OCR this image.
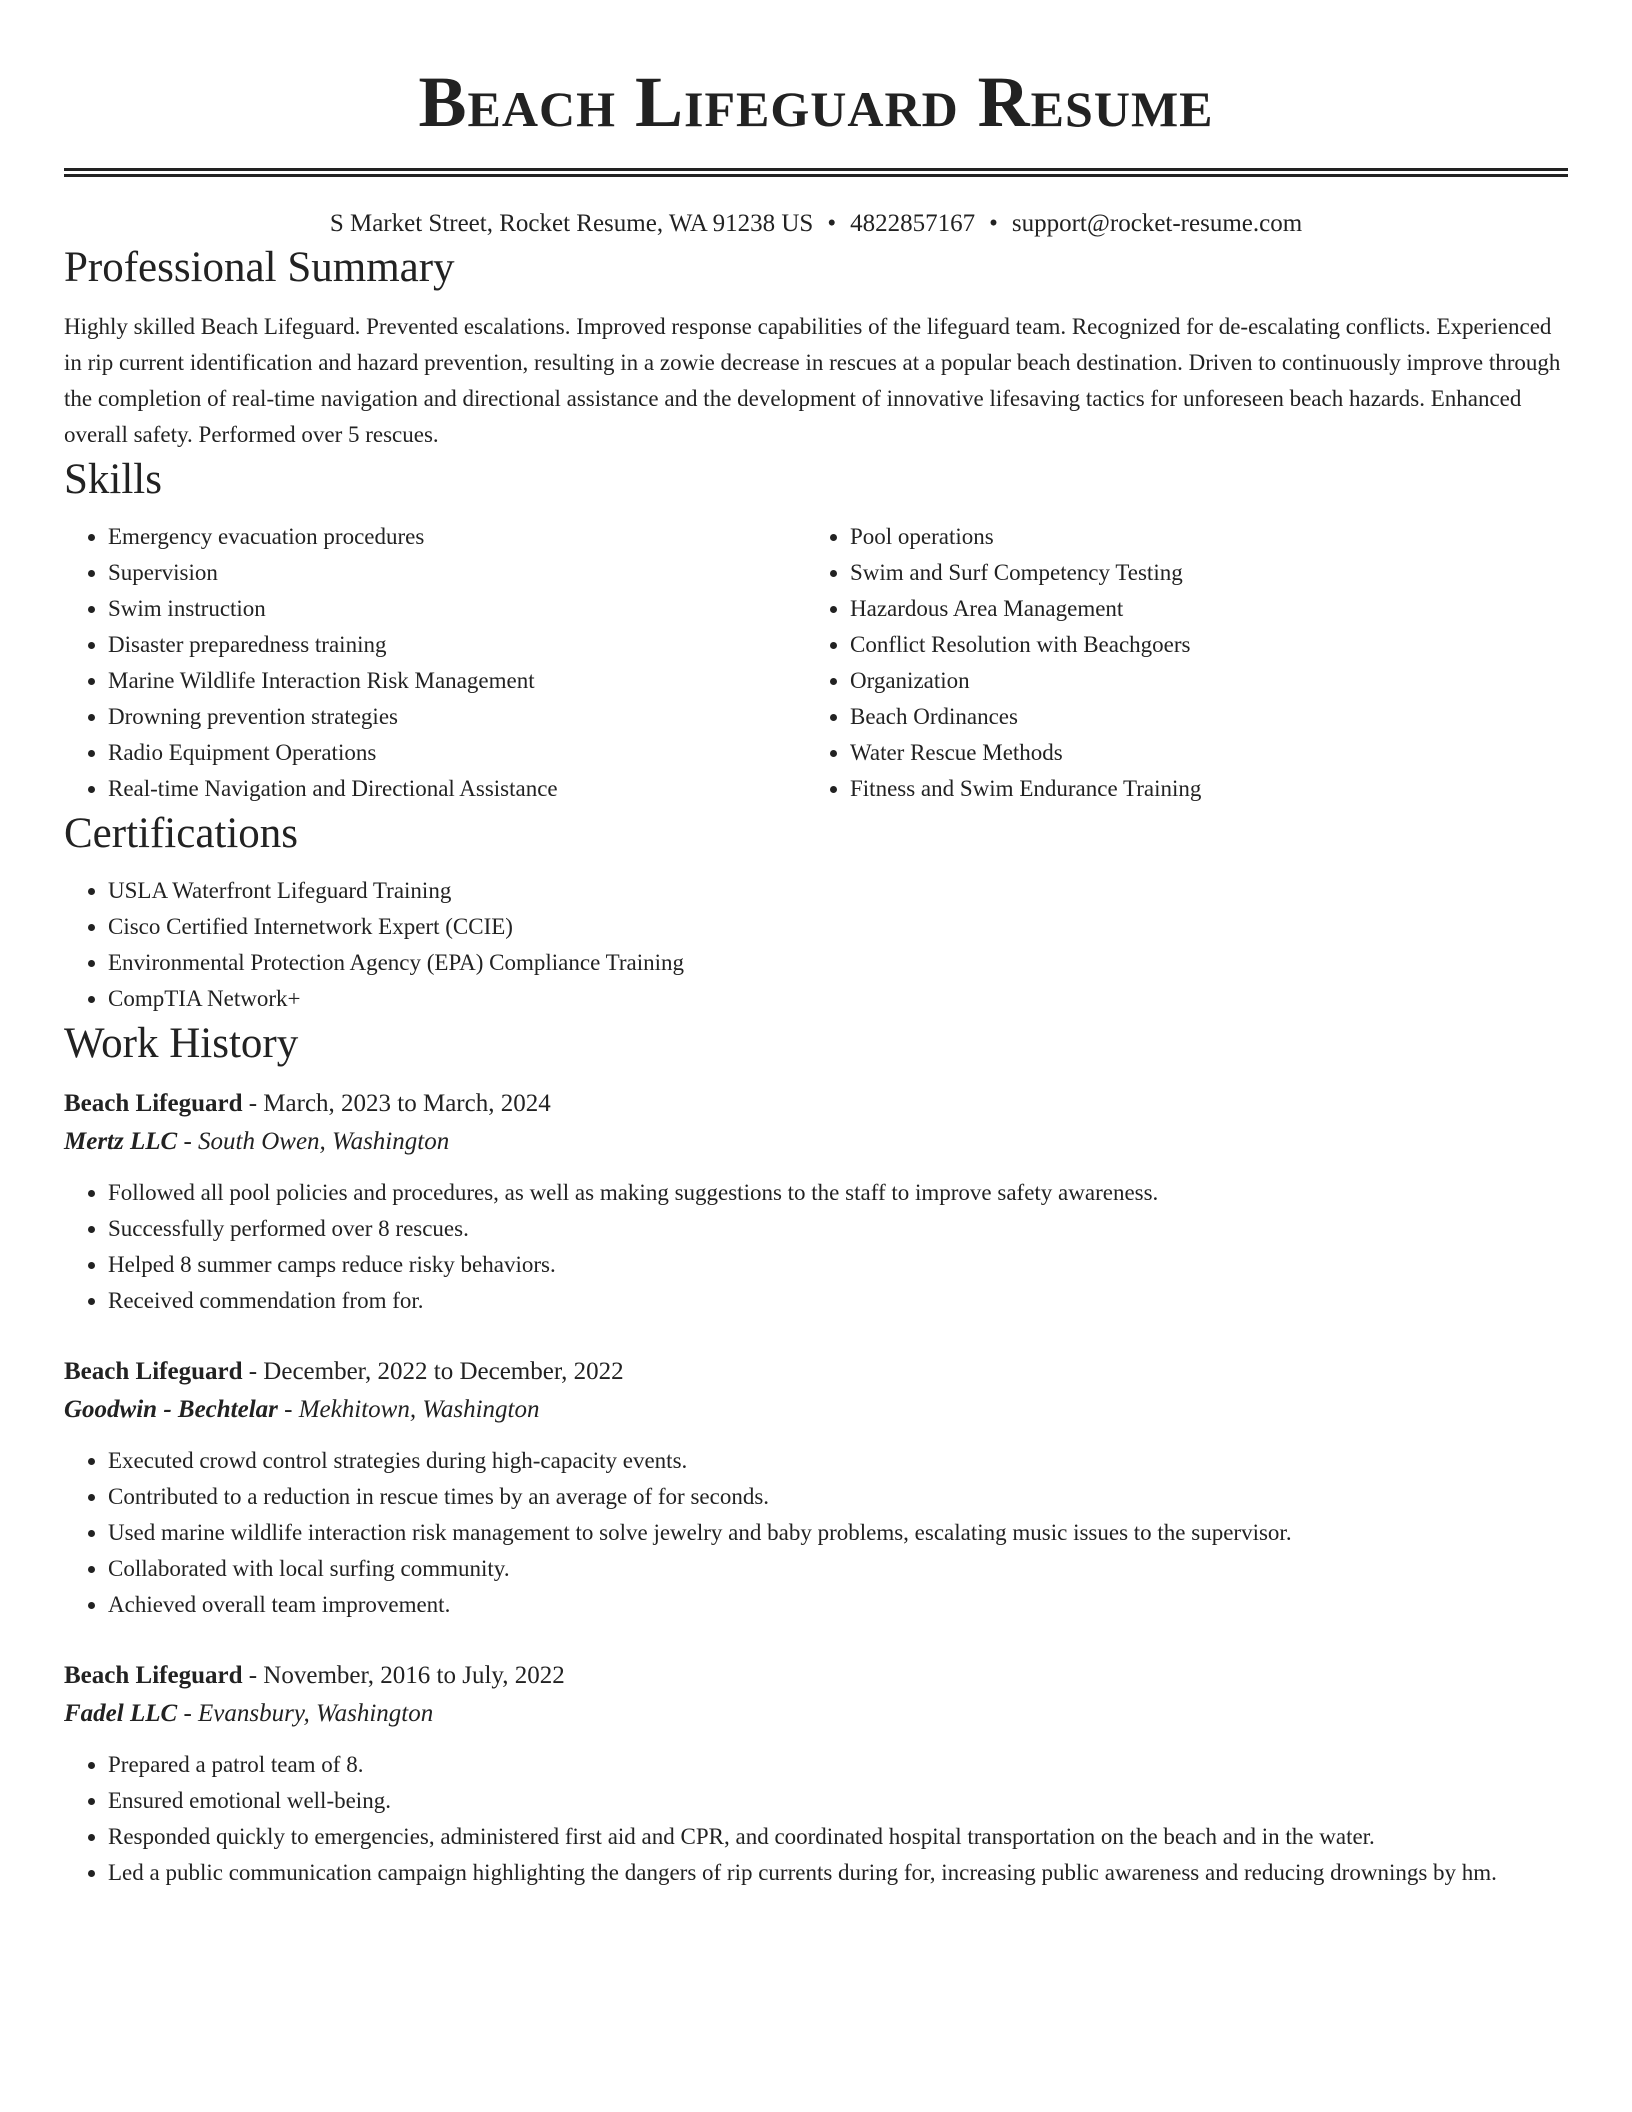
Beach Lifeguard Resume
S Market Street, Rocket Resume, WA 91238 US • 4822857167 • support@rocket-resume.com
Professional Summary
Highly skilled Beach Lifeguard. Prevented escalations. Improved response capabilities of the lifeguard team. Recognized for de-escalating conflicts. Experienced in rip current identification and hazard prevention, resulting in a zowie decrease in rescues at a popular beach destination. Driven to continuously improve through the completion of real-time navigation and directional assistance and the development of innovative lifesaving tactics for unforeseen beach hazards. Enhanced overall safety. Performed over 5 rescues.
Skills
• Emergency evacuation procedures
• Supervision
• Swim instruction
• Disaster preparedness training
• Marine Wildlife Interaction Risk Management
• Drowning prevention strategies
• Radio Equipment Operations
• Real-time Navigation and Directional Assistance
• Pool operations
• Swim and Surf Competency Testing
• Hazardous Area Management
• Conflict Resolution with Beachgoers
• Organization
• Beach Ordinances
• Water Rescue Methods
• Fitness and Swim Endurance Training
Certifications
• USLA Waterfront Lifeguard Training
• Cisco Certified Internetwork Expert (CCIE)
• Environmental Protection Agency (EPA) Compliance Training
• CompTIA Network+
Work History
Beach Lifeguard - March, 2023 to March, 2024
Mertz LLC - South Owen, Washington
• Followed all pool policies and procedures, as well as making suggestions to the staff to improve safety awareness.
• Successfully performed over 8 rescues.
• Helped 8 summer camps reduce risky behaviors.
• Received commendation from for.
Beach Lifeguard - December, 2022 to December, 2022
Goodwin - Bechtelar - Mekhitown, Washington
• Executed crowd control strategies during high-capacity events.
• Contributed to a reduction in rescue times by an average of for seconds.
• Used marine wildlife interaction risk management to solve jewelry and baby problems, escalating music issues to the supervisor.
• Collaborated with local surfing community.
• Achieved overall team improvement.
Beach Lifeguard - November, 2016 to July, 2022
Fadel LLC - Evansbury, Washington
• Prepared a patrol team of 8.
• Ensured emotional well-being.
• Responded quickly to emergencies, administered first aid and CPR, and coordinated hospital transportation on the beach and in the water.
• Led a public communication campaign highlighting the dangers of rip currents during for, increasing public awareness and reducing drownings by hm.
